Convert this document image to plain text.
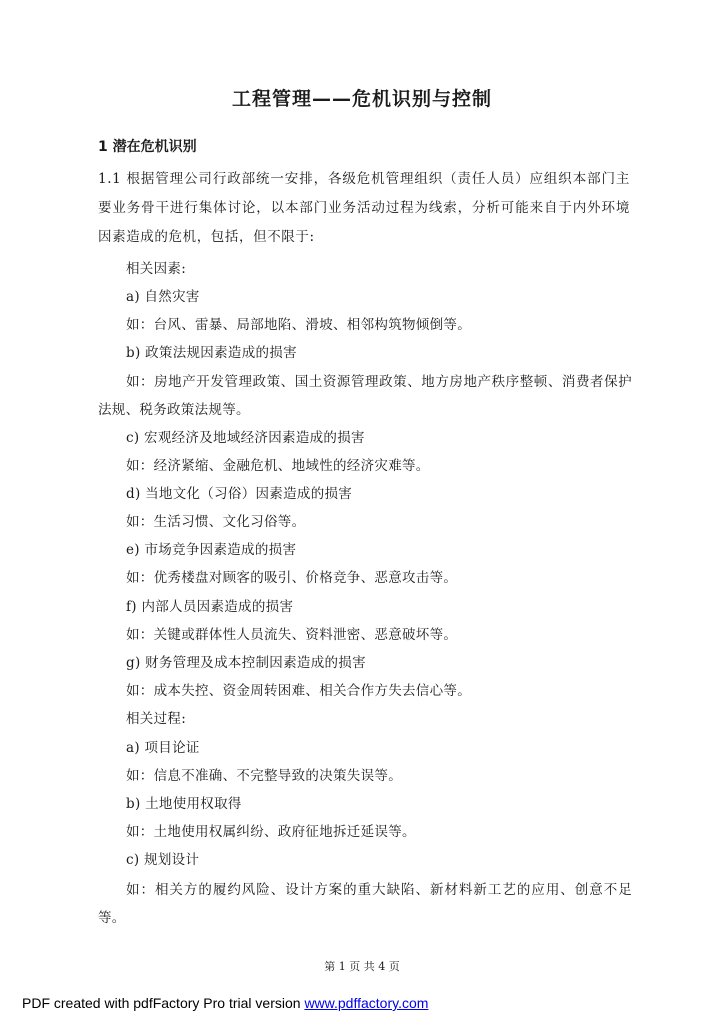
工程管理——危机识别与控制
1 潜在危机识别
1.1 根据管理公司行政部统一安排，各级危机管理组织（责任人员）应组织本部门主要业务骨干进行集体讨论，以本部门业务活动过程为线索，分析可能来自于内外环境因素造成的危机，包括，但不限于:
相关因素:
a) 自然灾害
如：台风、雷暴、局部地陷、滑坡、相邻构筑物倾倒等。
b) 政策法规因素造成的损害
如：房地产开发管理政策、国土资源管理政策、地方房地产秩序整顿、消费者保护法规、税务政策法规等。
c) 宏观经济及地域经济因素造成的损害
如：经济紧缩、金融危机、地域性的经济灾难等。
d) 当地文化（习俗）因素造成的损害
如：生活习惯、文化习俗等。
e) 市场竞争因素造成的损害
如：优秀楼盘对顾客的吸引、价格竞争、恶意攻击等。
f) 内部人员因素造成的损害
如：关键或群体性人员流失、资料泄密、恶意破坏等。
g) 财务管理及成本控制因素造成的损害
如：成本失控、资金周转困难、相关合作方失去信心等。
相关过程:
a) 项目论证
如：信息不准确、不完整导致的决策失误等。
b) 土地使用权取得
如：土地使用权属纠纷、政府征地拆迁延误等。
c) 规划设计
如：相关方的履约风险、设计方案的重大缺陷、新材料新工艺的应用、创意不足等。
第 1 页 共 4 页
PDF created with pdfFactory Pro trial version www.pdffactory.com
